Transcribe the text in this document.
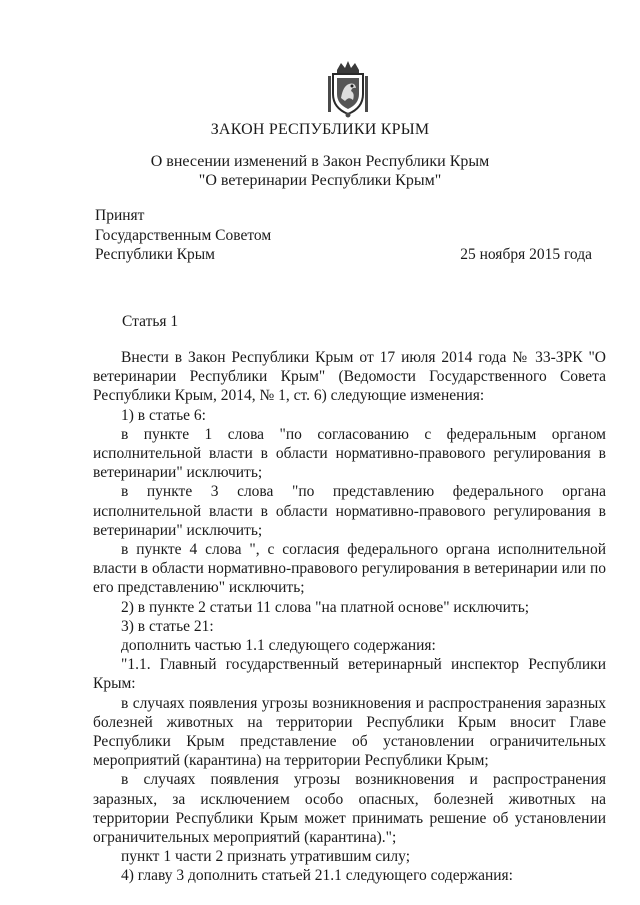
ЗАКОН РЕСПУБЛИКИ КРЫМ
О внесении изменений в Закон Республики Крым
"О ветеринарии Республики Крым"
Принят
Государственным Советом
Республики Крым	25 ноября 2015 года
Статья 1

Внести в Закон Республики Крым от 17 июля 2014 года № 33-ЗРК "О ветеринарии Республики Крым" (Ведомости Государственного Совета Республики Крым, 2014, № 1, ст. 6) следующие изменения:

1) в статье 6:

в пункте 1 слова "по согласованию с федеральным органом исполнительной власти в области нормативно-правового регулирования в ветеринарии" исключить;

в пункте 3 слова "по представлению федерального органа исполнительной власти в области нормативно-правового регулирования в ветеринарии" исключить;

в пункте 4 слова ", с согласия федерального органа исполнительной власти в области нормативно-правового регулирования в ветеринарии или по его представлению" исключить;

2) в пункте 2 статьи 11 слова "на платной основе" исключить;

3) в статье 21:

дополнить частью 1.1 следующего содержания:

"1.1. Главный государственный ветеринарный инспектор Республики Крым:

в случаях появления угрозы возникновения и распространения заразных болезней животных на территории Республики Крым вносит Главе Республики Крым представление об установлении ограничительных мероприятий (карантина) на территории Республики Крым;

в случаях появления угрозы возникновения и распространения заразных, за исключением особо опасных, болезней животных на территории Республики Крым может принимать решение об установлении ограничительных мероприятий (карантина).";

пункт 1 части 2 признать утратившим силу;

4) главу 3 дополнить статьей 21.1 следующего содержания:
